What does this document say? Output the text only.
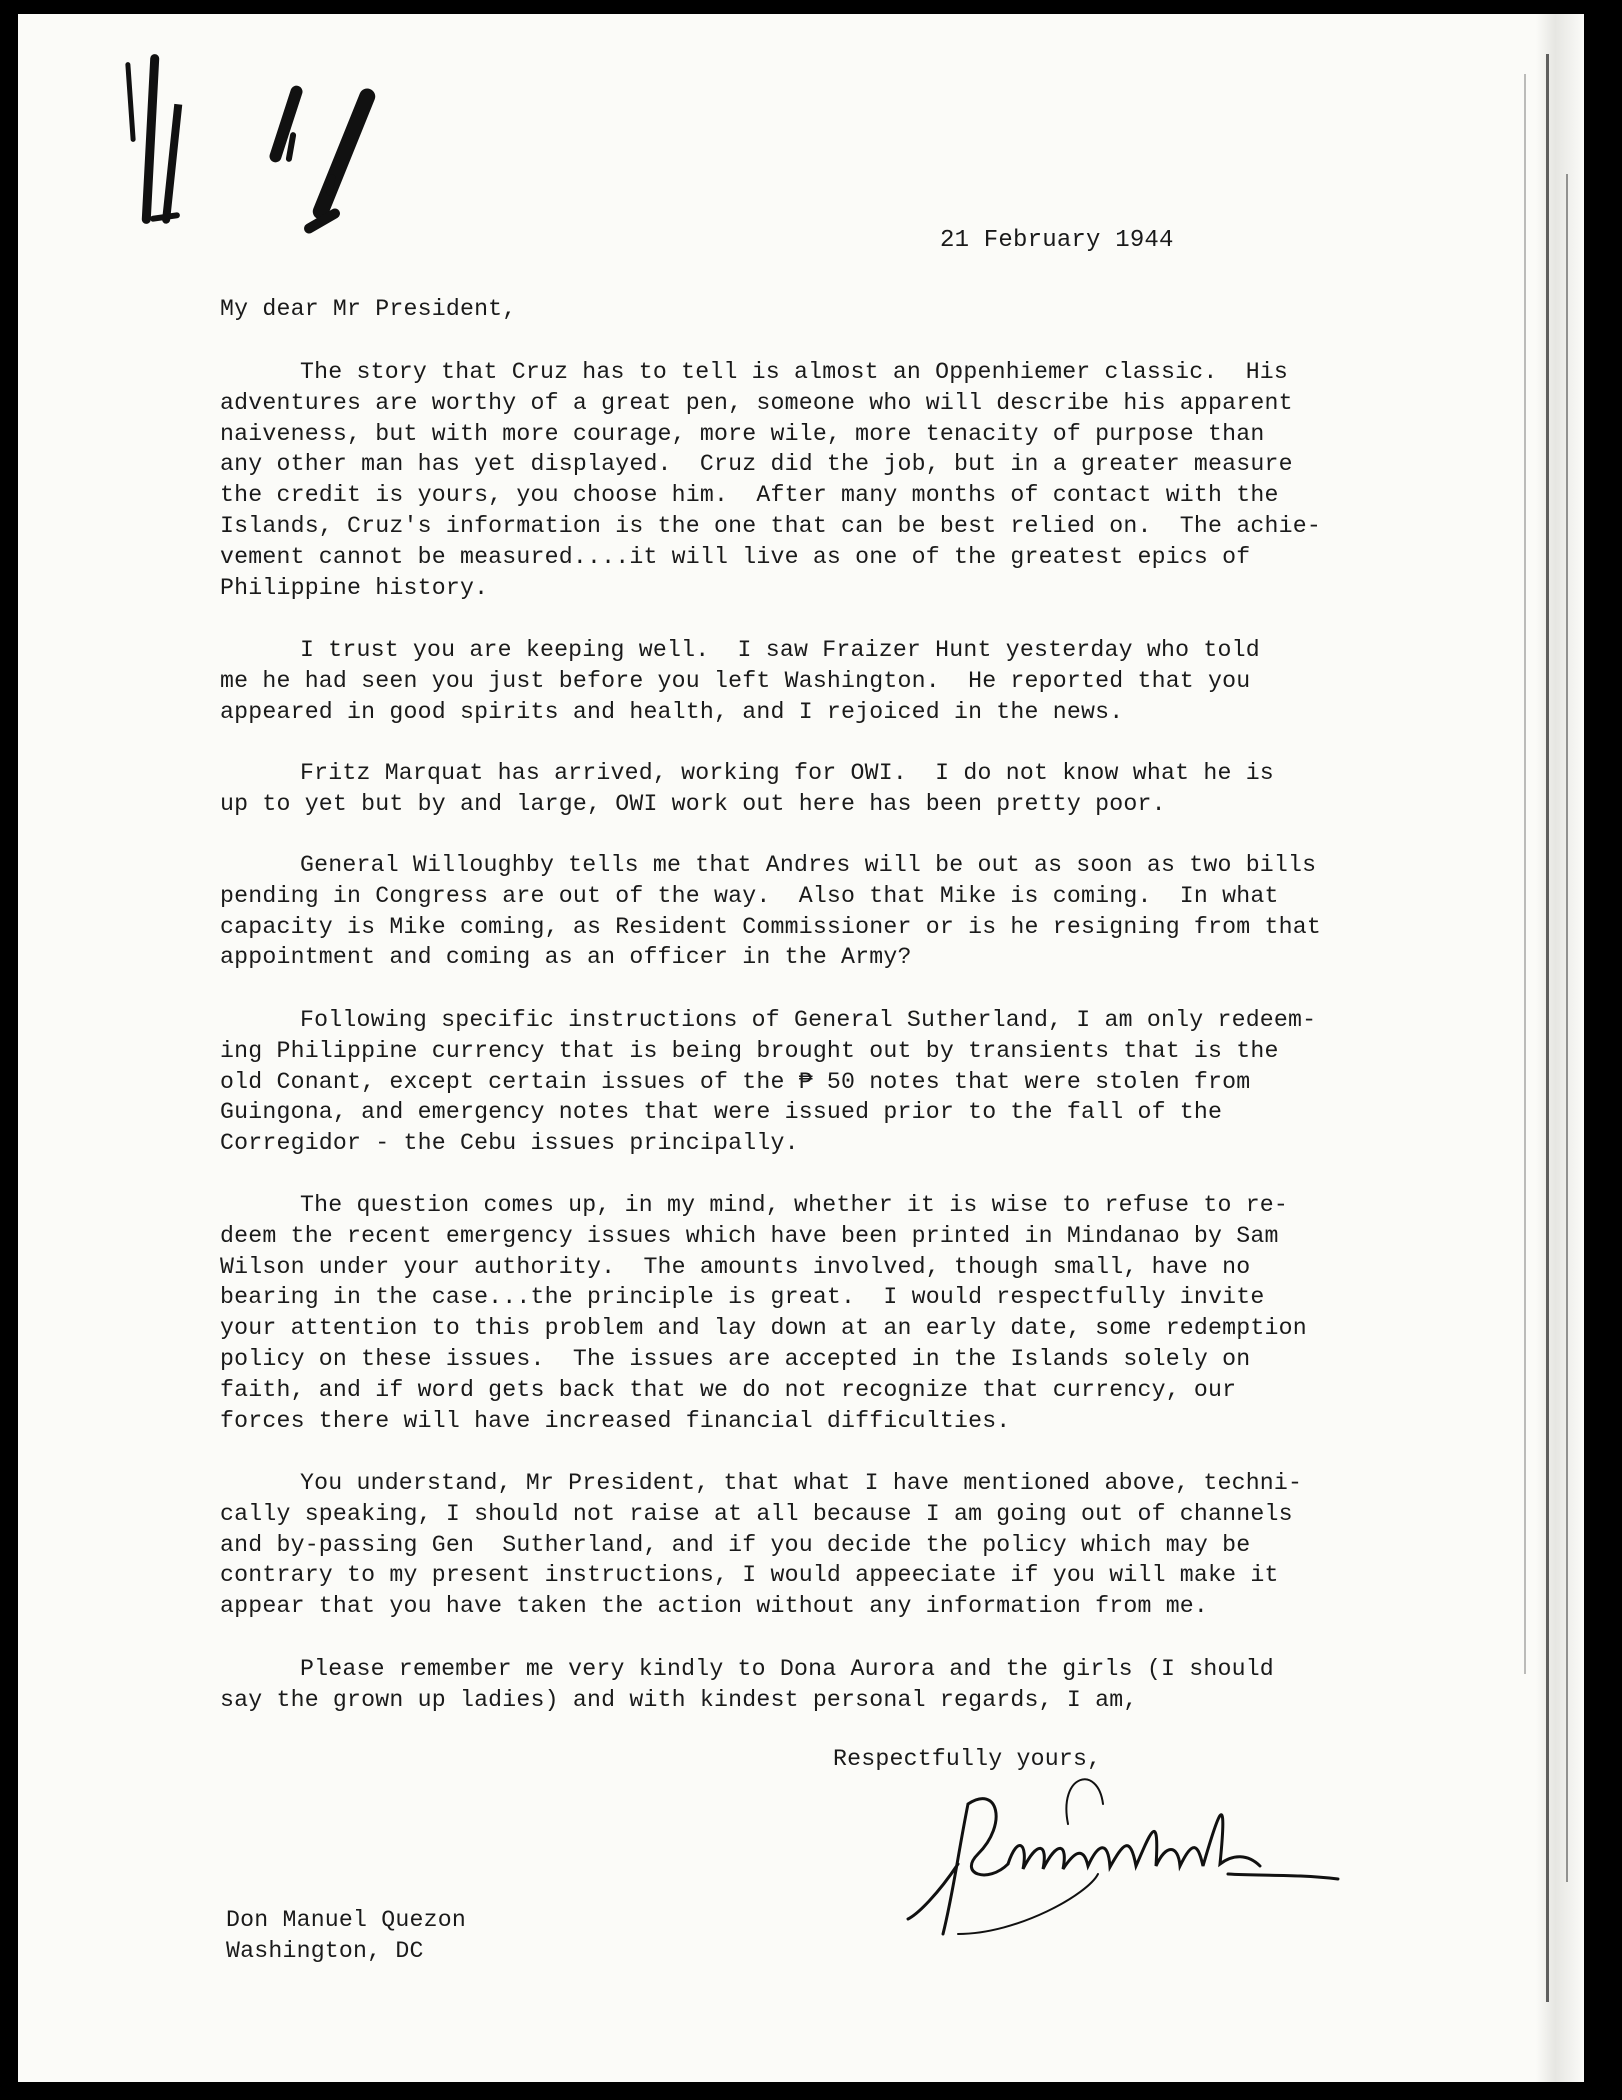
21 February 1944
My dear Mr President,
The story that Cruz has to tell is almost an Oppenhiemer classic.  His
adventures are worthy of a great pen, someone who will describe his apparent
naiveness, but with more courage, more wile, more tenacity of purpose than
any other man has yet displayed.  Cruz did the job, but in a greater measure
the credit is yours, you choose him.  After many months of contact with the
Islands, Cruz's information is the one that can be best relied on.  The achie-
vement cannot be measured....it will live as one of the greatest epics of
Philippine history.
I trust you are keeping well.  I saw Fraizer Hunt yesterday who told
me he had seen you just before you left Washington.  He reported that you
appeared in good spirits and health, and I rejoiced in the news.
Fritz Marquat has arrived, working for OWI.  I do not know what he is
up to yet but by and large, OWI work out here has been pretty poor.
General Willoughby tells me that Andres will be out as soon as two bills
pending in Congress are out of the way.  Also that Mike is coming.  In what
capacity is Mike coming, as Resident Commissioner or is he resigning from that
appointment and coming as an officer in the Army?
Following specific instructions of General Sutherland, I am only redeem-
ing Philippine currency that is being brought out by transients that is the
old Conant, except certain issues of the ₱ 50 notes that were stolen from
Guingona, and emergency notes that were issued prior to the fall of the
Corregidor - the Cebu issues principally.
The question comes up, in my mind, whether it is wise to refuse to re-
deem the recent emergency issues which have been printed in Mindanao by Sam
Wilson under your authority.  The amounts involved, though small, have no
bearing in the case...the principle is great.  I would respectfully invite
your attention to this problem and lay down at an early date, some redemption
policy on these issues.  The issues are accepted in the Islands solely on
faith, and if word gets back that we do not recognize that currency, our
forces there will have increased financial difficulties.
You understand, Mr President, that what I have mentioned above, techni-
cally speaking, I should not raise at all because I am going out of channels
and by-passing Gen  Sutherland, and if you decide the policy which may be
contrary to my present instructions, I would appeeciate if you will make it
appear that you have taken the action without any information from me.
Please remember me very kindly to Dona Aurora and the girls (I should
say the grown up ladies) and with kindest personal regards, I am,
Respectfully yours,
Don Manuel Quezon
Washington, DC
